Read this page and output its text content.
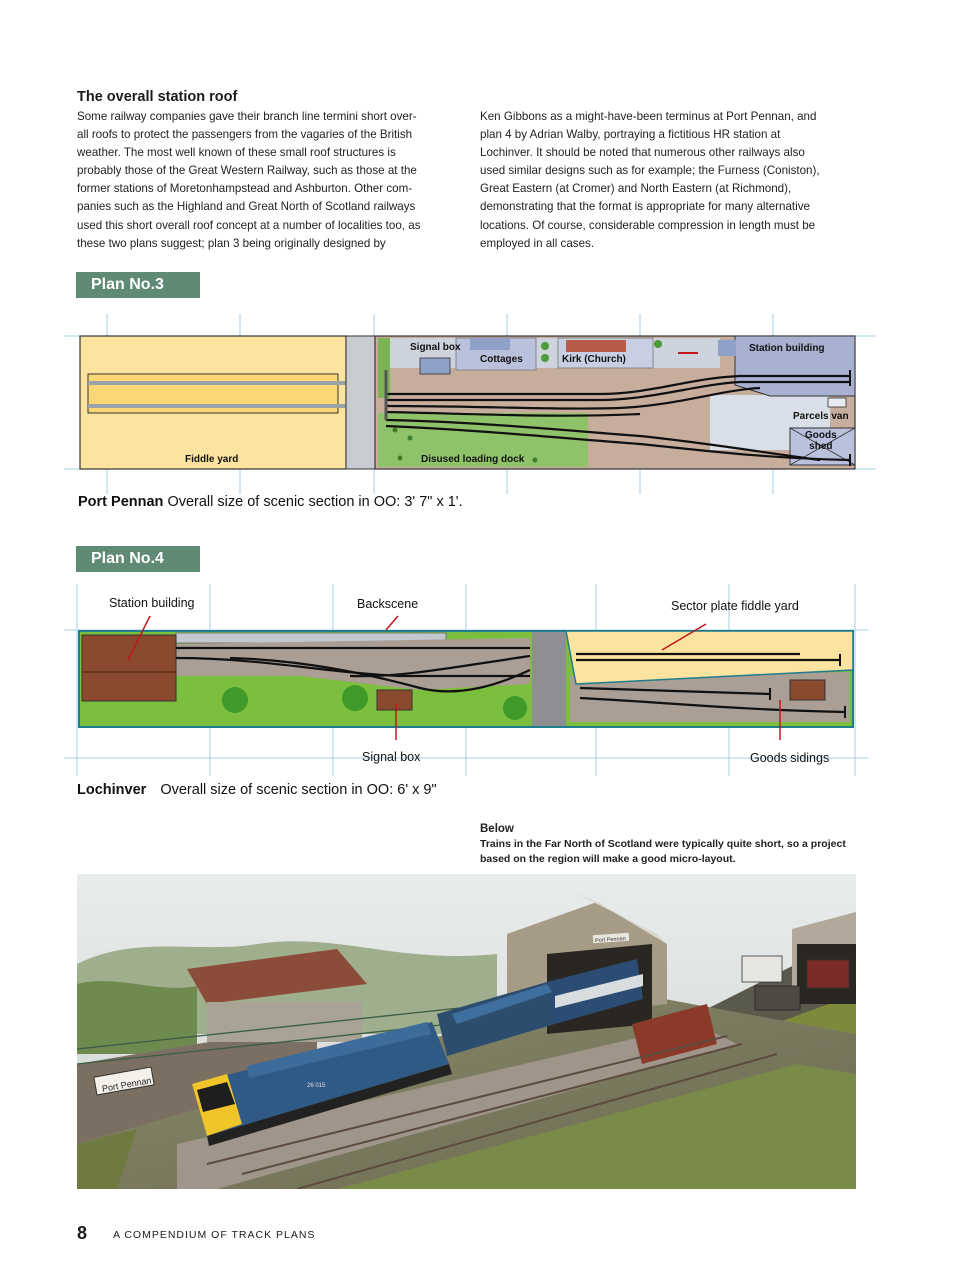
The overall station roof
Some railway companies gave their branch line termini short over-
all roofs to protect the passengers from the vagaries of the British
weather. The most well known of these small roof structures is
probably those of the Great Western Railway, such as those at the
former stations of Moretonhampstead and Ashburton. Other com-
panies such as the Highland and Great North of Scotland railways
used this short overall roof concept at a number of localities too, as
these two plans suggest; plan 3 being originally designed by
Ken Gibbons as a might-have-been terminus at Port Pennan, and
plan 4 by Adrian Walby, portraying a fictitious HR station at
Lochinver. It should be noted that numerous other railways also
used similar designs such as for example; the Furness (Coniston),
Great Eastern (at Cromer) and North Eastern (at Richmond),
demonstrating that the format is appropriate for many alternative
locations. Of course, considerable compression in length must be
employed in all cases.
Plan No.3
Signal box
Cottages	Kirk (Church)
Station building
Parcels van
Goods
shed
Fiddle yard	Disused loading dock
Port Pennan Overall size of scenic section in OO: 3' 7" x 1'.
Plan No.4
Station building	Backscene	Sector plate fiddle yard
Signal box	Goods sidings
Lochinver Overall size of scenic section in OO: 6' x 9"
Below
Trains in the Far North of Scotland were typically quite short, so a project
based on the region will make a good micro-layout.
Port Pennan
Port Pennan
26 015
8 A COMPENDIUM OF TRACK PLANS
